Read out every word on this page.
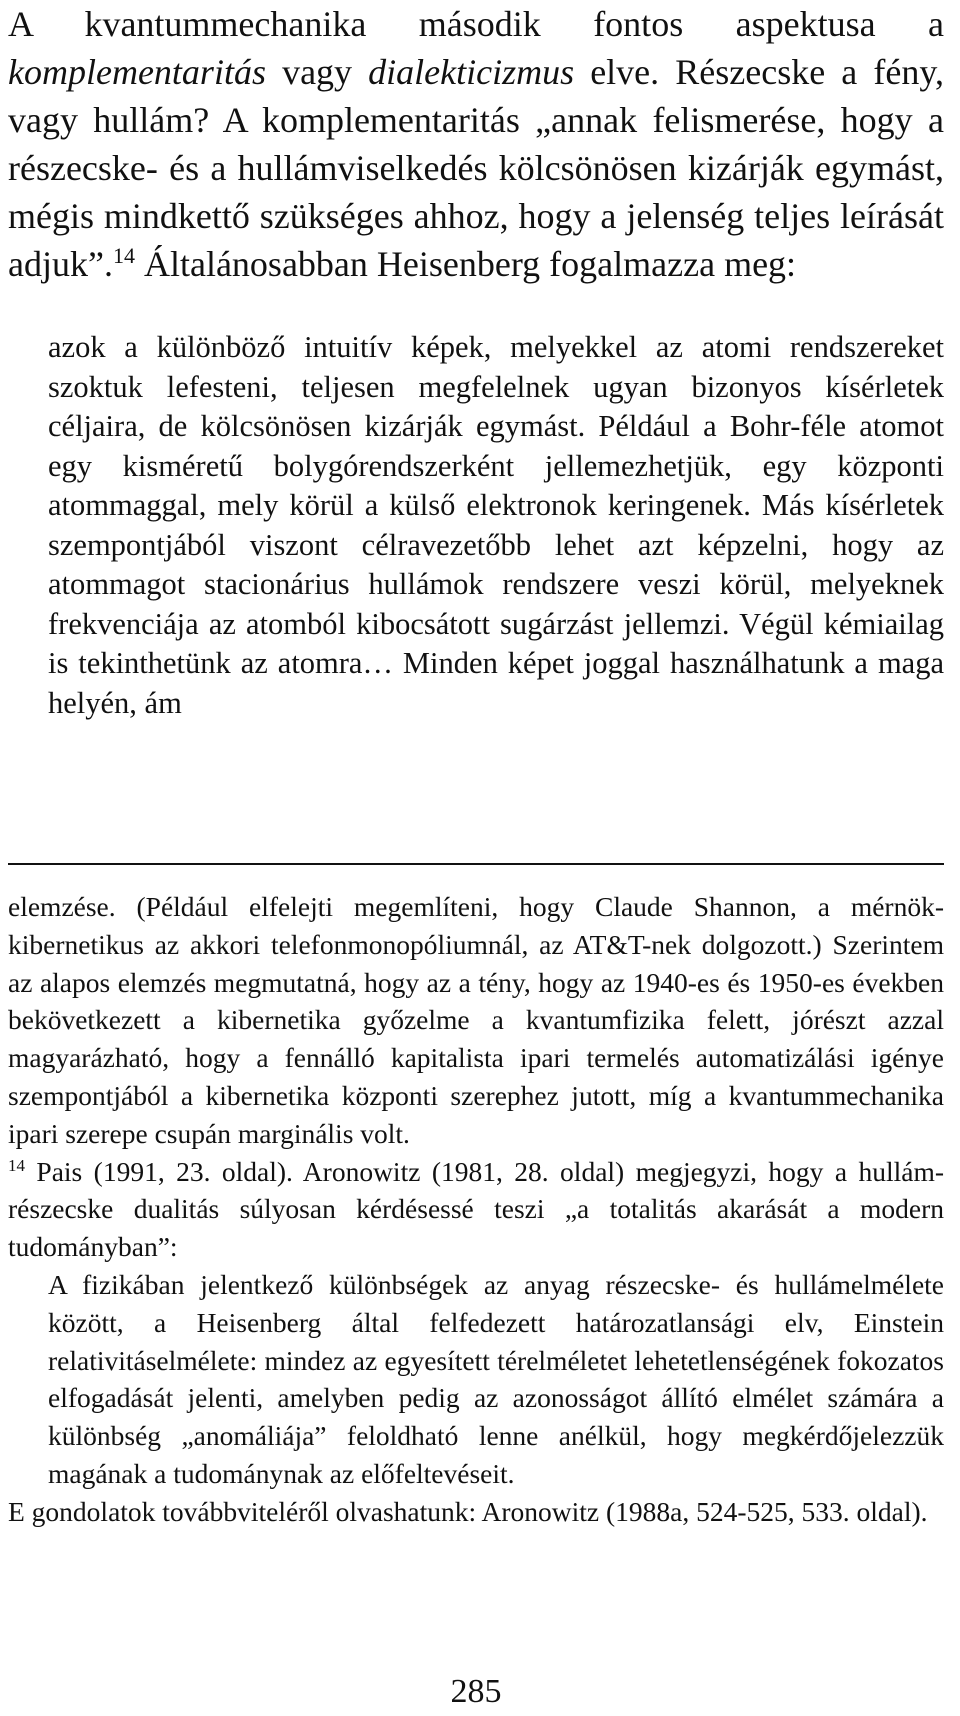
A kvantummechanika második fontos aspektusa a komplementaritás vagy dialekticizmus elve. Részecske a fény, vagy hullám? A komplementaritás „annak felismerése, hogy a részecske- és a hullámviselkedés kölcsönösen kizárják egymást, mégis mindkettő szükséges ahhoz, hogy a jelenség teljes leírását adjuk”.$^{14}$ Általánosabban Heisenberg fogalmazza meg:

azok a különböző intuitív képek, melyekkel az atomi rendszereket szoktuk lefesteni, teljesen megfelelnek ugyan bizonyos kísérletek céljaira, de kölcsönösen kizárják egymást. Például a Bohr-féle atomot egy kisméretű bolygórendszerként jellemezhetjük, egy központi atommaggal, mely körül a külső elektronok keringenek. Más kísérletek szempontjából viszont célravezetőbb lehet azt képzelni, hogy az atommagot stacionárius hullámok rendszere veszi körül, melyeknek frekvenciája az atomból kibocsátott sugárzást jellemzi. Végül kémiailag is tekinthetünk az atomra… Minden képet joggal használhatunk a maga helyén, ám

elemzése. (Például elfelejti megemlíteni, hogy Claude Shannon, a mérnök-kibernetikus az akkori telefonmonopóliumnál, az AT&T-nek dolgozott.) Szerintem az alapos elemzés megmutatná, hogy az a tény, hogy az 1940-es és 1950-es években bekövetkezett a kibernetika győzelme a kvantumfizika felett, jórészt azzal magyarázható, hogy a fennálló kapitalista ipari termelés automatizálási igénye szempontjából a kibernetika központi szerephez jutott, míg a kvantummechanika ipari szerepe csupán marginális volt.

$^{14}$ Pais (1991, 23. oldal). Aronowitz (1981, 28. oldal) megjegyzi, hogy a hullám-részecske dualitás súlyosan kérdésessé teszi „a totalitás akarását a modern tudományban”:

A fizikában jelentkező különbségek az anyag részecske- és hullámelmélete között, a Heisenberg által felfedezett határozatlansági elv, Einstein relativitáselmélete: mindez az egyesített térelméletet lehetetlenségének fokozatos elfogadását jelenti, amelyben pedig az azonosságot állító elmélet számára a különbség „anomáliája” feloldható lenne anélkül, hogy megkérdőjelezzük magának a tudománynak az előfeltevéseit.

E gondolatok továbbviteléről olvashatunk: Aronowitz (1988a, 524-525, 533. oldal).

285
